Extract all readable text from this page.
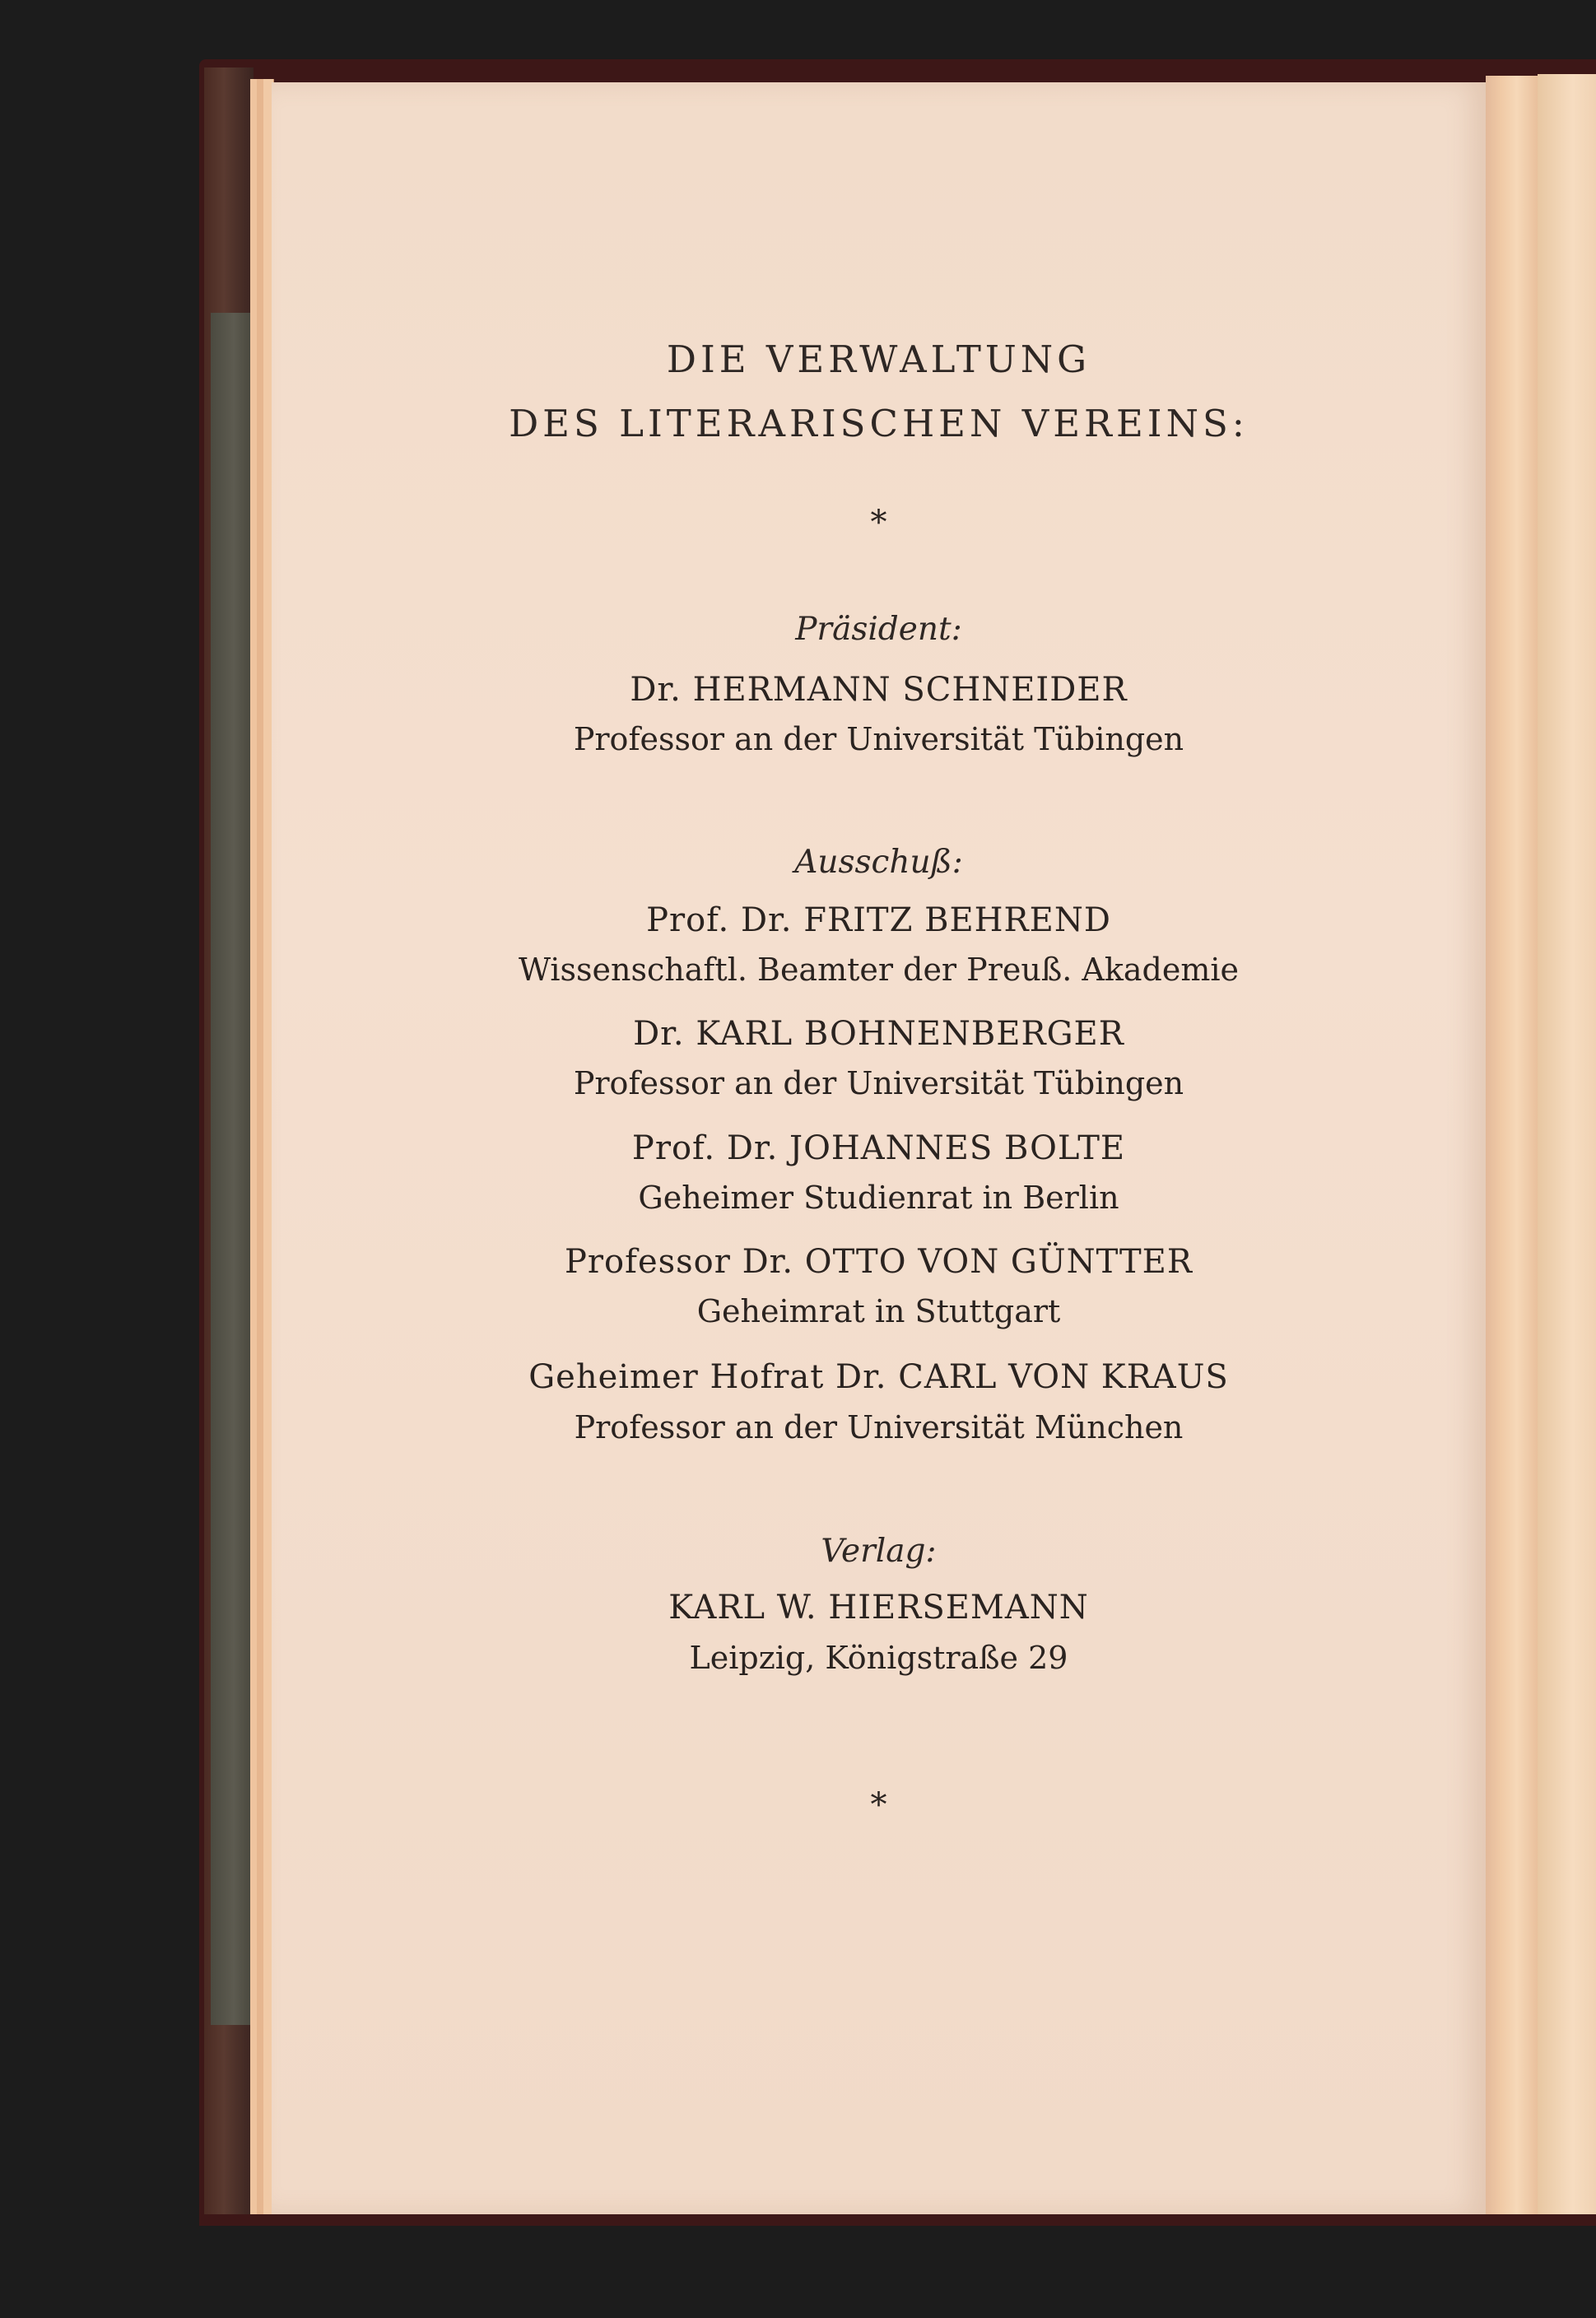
DIE VERWALTUNG
DES LITERARISCHEN VEREINS:
*
Präsident:
Dr. HERMANN SCHNEIDER
Professor an der Universität Tübingen
Ausschuß:
Prof. Dr. FRITZ BEHREND
Wissenschaftl. Beamter der Preuß. Akademie
Dr. KARL BOHNENBERGER
Professor an der Universität Tübingen
Prof. Dr. JOHANNES BOLTE
Geheimer Studienrat in Berlin
Professor Dr. OTTO VON GÜNTTER
Geheimrat in Stuttgart
Geheimer Hofrat Dr. CARL VON KRAUS
Professor an der Universität München
Verlag:
KARL W. HIERSEMANN
Leipzig, Königstraße 29
*
